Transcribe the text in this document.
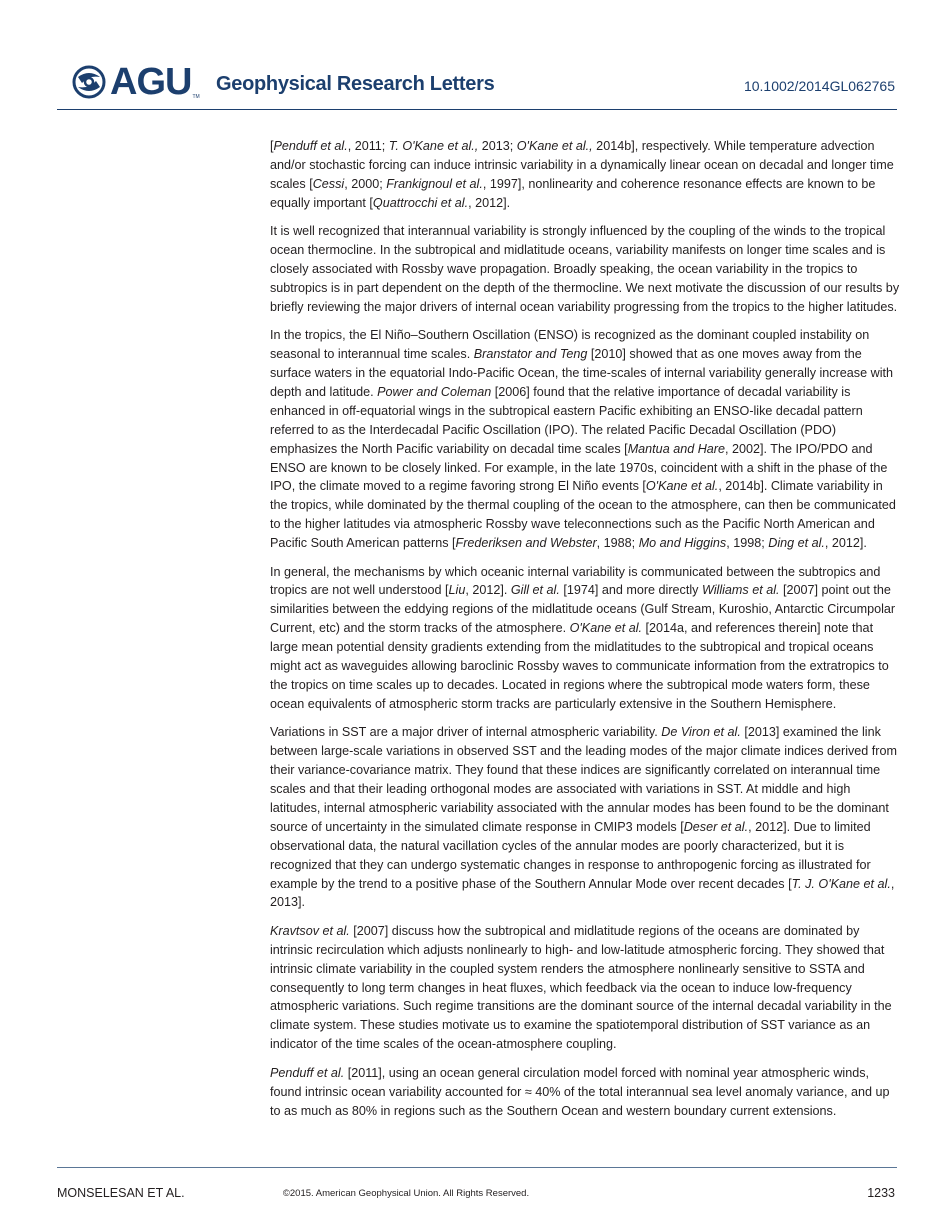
AGU TM
Geophysical Research Letters	10.1002/2014GL062765

[Penduff et al., 2011; T. O'Kane et al., 2013; O'Kane et al., 2014b], respectively. While temperature advection and/or stochastic forcing can induce intrinsic variability in a dynamically linear ocean on decadal and longer time scales [Cessi, 2000; Frankignoul et al., 1997], nonlinearity and coherence resonance effects are known to be equally important [Quattrocchi et al., 2012].

It is well recognized that interannual variability is strongly influenced by the coupling of the winds to the tropical ocean thermocline. In the subtropical and midlatitude oceans, variability manifests on longer time scales and is closely associated with Rossby wave propagation. Broadly speaking, the ocean variability in the tropics to subtropics is in part dependent on the depth of the thermocline. We next motivate the discussion of our results by briefly reviewing the major drivers of internal ocean variability progressing from the tropics to the higher latitudes.

In the tropics, the El Niño–Southern Oscillation (ENSO) is recognized as the dominant coupled instability on seasonal to interannual time scales. Branstator and Teng [2010] showed that as one moves away from the surface waters in the equatorial Indo-Pacific Ocean, the time-scales of internal variability generally increase with depth and latitude. Power and Coleman [2006] found that the relative importance of decadal variability is enhanced in off-equatorial wings in the subtropical eastern Pacific exhibiting an ENSO-like decadal pattern referred to as the Interdecadal Pacific Oscillation (IPO). The related Pacific Decadal Oscillation (PDO) emphasizes the North Pacific variability on decadal time scales [Mantua and Hare, 2002]. The IPO/PDO and ENSO are known to be closely linked. For example, in the late 1970s, coincident with a shift in the phase of the IPO, the climate moved to a regime favoring strong El Niño events [O'Kane et al., 2014b]. Climate variability in the tropics, while dominated by the thermal coupling of the ocean to the atmosphere, can then be communicated to the higher latitudes via atmospheric Rossby wave teleconnections such as the Pacific North American and Pacific South American patterns [Frederiksen and Webster, 1988; Mo and Higgins, 1998; Ding et al., 2012].

In general, the mechanisms by which oceanic internal variability is communicated between the subtropics and tropics are not well understood [Liu, 2012]. Gill et al. [1974] and more directly Williams et al. [2007] point out the similarities between the eddying regions of the midlatitude oceans (Gulf Stream, Kuroshio, Antarctic Circumpolar Current, etc) and the storm tracks of the atmosphere. O'Kane et al. [2014a, and references therein] note that large mean potential density gradients extending from the midlatitudes to the subtropical and tropical oceans might act as waveguides allowing baroclinic Rossby waves to communicate information from the extratropics to the tropics on time scales up to decades. Located in regions where the subtropical mode waters form, these ocean equivalents of atmospheric storm tracks are particularly extensive in the Southern Hemisphere.

Variations in SST are a major driver of internal atmospheric variability. De Viron et al. [2013] examined the link between large-scale variations in observed SST and the leading modes of the major climate indices derived from their variance-covariance matrix. They found that these indices are significantly correlated on interannual time scales and that their leading orthogonal modes are associated with variations in SST. At middle and high latitudes, internal atmospheric variability associated with the annular modes has been found to be the dominant source of uncertainty in the simulated climate response in CMIP3 models [Deser et al., 2012]. Due to limited observational data, the natural vacillation cycles of the annular modes are poorly characterized, but it is recognized that they can undergo systematic changes in response to anthropogenic forcing as illustrated for example by the trend to a positive phase of the Southern Annular Mode over recent decades [T. J. O'Kane et al., 2013].

Kravtsov et al. [2007] discuss how the subtropical and midlatitude regions of the oceans are dominated by intrinsic recirculation which adjusts nonlinearly to high- and low-latitude atmospheric forcing. They showed that intrinsic climate variability in the coupled system renders the atmosphere nonlinearly sensitive to SSTA and consequently to long term changes in heat fluxes, which feedback via the ocean to induce low-frequency atmospheric variations. Such regime transitions are the dominant source of the internal decadal variability in the climate system. These studies motivate us to examine the spatiotemporal distribution of SST variance as an indicator of the time scales of the ocean-atmosphere coupling.

Penduff et al. [2011], using an ocean general circulation model forced with nominal year atmospheric winds, found intrinsic ocean variability accounted for ≈ 40% of the total interannual sea level anomaly variance, and up to as much as 80% in regions such as the Southern Ocean and western boundary current extensions.

MONSELESAN ET AL.	©2015. American Geophysical Union. All Rights Reserved.	1233
